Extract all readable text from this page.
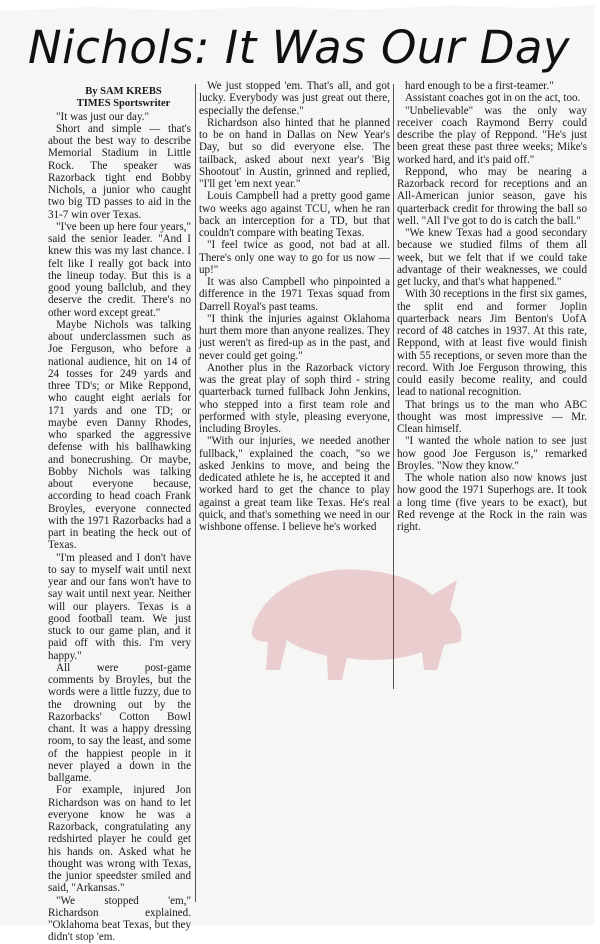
Nichols: It Was Our Day

By SAM KREBS

TIMES Sportswriter

"It was just our day."

Short and simple — that's about the best way to describe Memorial Stadium in Little Rock. The speaker was Razorback tight end Bobby Nichols, a junior who caught two big TD passes to aid in the 31-7 win over Texas.

"I've been up here four years," said the senior leader. "And I knew this was my last chance. I felt like I really got back into the lineup today. But this is a good young ballclub, and they deserve the credit. There's no other word except great."

Maybe Nichols was talking about underclassmen such as Joe Ferguson, who before a national audience, hit on 14 of 24 tosses for 249 yards and three TD's; or Mike Reppond, who caught eight aerials for 171 yards and one TD; or maybe even Danny Rhodes, who sparked the aggressive defense with his ballhawking and bonecrushing. Or maybe, Bobby Nichols was talking about everyone because, according to head coach Frank Broyles, everyone connected with the 1971 Razorbacks had a part in beating the heck out of Texas.

"I'm pleased and I don't have to say to myself wait until next year and our fans won't have to say wait until next year. Neither will our players. Texas is a good football team. We just stuck to our game plan, and it paid off with this. I'm very happy."

All were post-game comments by Broyles, but the words were a little fuzzy, due to the drowning out by the Razorbacks' Cotton Bowl chant. It was a happy dressing room, to say the least, and some of the happiest people in it never played a down in the ballgame.

For example, injured Jon Richardson was on hand to let everyone know he was a Razorback, congratulating any redshirted player he could get his hands on. Asked what he thought was wrong with Texas, the junior speedster smiled and said, "Arkansas."

"We stopped 'em," Richardson explained. "Oklahoma beat Texas, but they didn't stop 'em.

We just stopped 'em. That's all, and got lucky. Everybody was just great out there, especially the defense."

Richardson also hinted that he planned to be on hand in Dallas on New Year's Day, but so did everyone else. The tailback, asked about next year's 'Big Shootout' in Austin, grinned and replied, "I'll get 'em next year."

Louis Campbell had a pretty good game two weeks ago against TCU, when he ran back an interception for a TD, but that couldn't compare with beating Texas.

"I feel twice as good, not bad at all. There's only one way to go for us now — up!"

It was also Campbell who pinpointed a difference in the 1971 Texas squad from Darrell Royal's past teams.

"I think the injuries against Oklahoma hurt them more than anyone realizes. They just weren't as fired-up as in the past, and never could get going."

Another plus in the Razorback victory was the great play of soph third - string quarterback turned fullback John Jenkins, who stepped into a first team role and performed with style, pleasing everyone, including Broyles.

"With our injuries, we needed another fullback," explained the coach, "so we asked Jenkins to move, and being the dedicated athlete he is, he accepted it and worked hard to get the chance to play against a great team like Texas. He's real quick, and that's something we need in our wishbone offense. I believe he's worked

hard enough to be a first-teamer."

Assistant coaches got in on the act, too.

"Unbelievable" was the only way receiver coach Raymond Berry could describe the play of Reppond. "He's just been great these past three weeks; Mike's worked hard, and it's paid off."

Reppond, who may be nearing a Razorback record for receptions and an All-American junior season, gave his quarterback credit for throwing the ball so well. "All I've got to do is catch the ball."

"We knew Texas had a good secondary because we studied films of them all week, but we felt that if we could take advantage of their weaknesses, we could get lucky, and that's what happened."

With 30 receptions in the first six games, the split end and former Joplin quarterback nears Jim Benton's UofA record of 48 catches in 1937. At this rate, Reppond, with at least five would finish with 55 receptions, or seven more than the record. With Joe Ferguson throwing, this could easily become reality, and could lead to national recognition.

That brings us to the man who ABC thought was most impressive — Mr. Clean himself.

"I wanted the whole nation to see just how good Joe Ferguson is," remarked Broyles. "Now they know."

The whole nation also now knows just how good the 1971 Superhogs are. It took a long time (five years to be exact), but Red revenge at the Rock in the rain was right.
